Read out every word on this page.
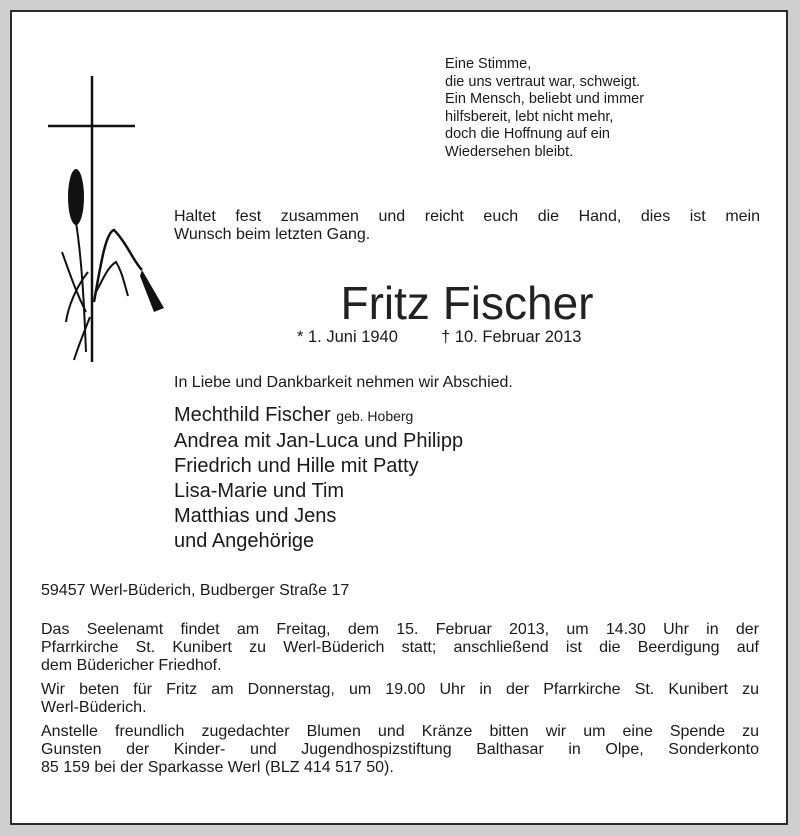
Eine Stimme,
die uns vertraut war, schweigt.
Ein Mensch, beliebt und immer
hilfsbereit, lebt nicht mehr,
doch die Hoffnung auf ein
Wiedersehen bleibt.
Haltet fest zusammen und reicht euch die Hand, dies ist mein
Wunsch beim letzten Gang.
Fritz Fischer
* 1. Juni 1940	† 10. Februar 2013
In Liebe und Dankbarkeit nehmen wir Abschied.
Mechthild Fischer geb. Hoberg
Andrea mit Jan-Luca und Philipp
Friedrich und Hille mit Patty
Lisa-Marie und Tim
Matthias und Jens
und Angehörige
59457 Werl-Büderich, Budberger Straße 17
Das Seelenamt findet am Freitag, dem 15. Februar 2013, um 14.30 Uhr in der
Pfarrkirche St. Kunibert zu Werl-Büderich statt; anschließend ist die Beerdigung auf
dem Büdericher Friedhof.
Wir beten für Fritz am Donnerstag, um 19.00 Uhr in der Pfarrkirche St. Kunibert zu
Werl-Büderich.
Anstelle freundlich zugedachter Blumen und Kränze bitten wir um eine Spende zu
Gunsten der Kinder- und Jugendhospizstiftung Balthasar in Olpe, Sonderkonto
85 159 bei der Sparkasse Werl (BLZ 414 517 50).
